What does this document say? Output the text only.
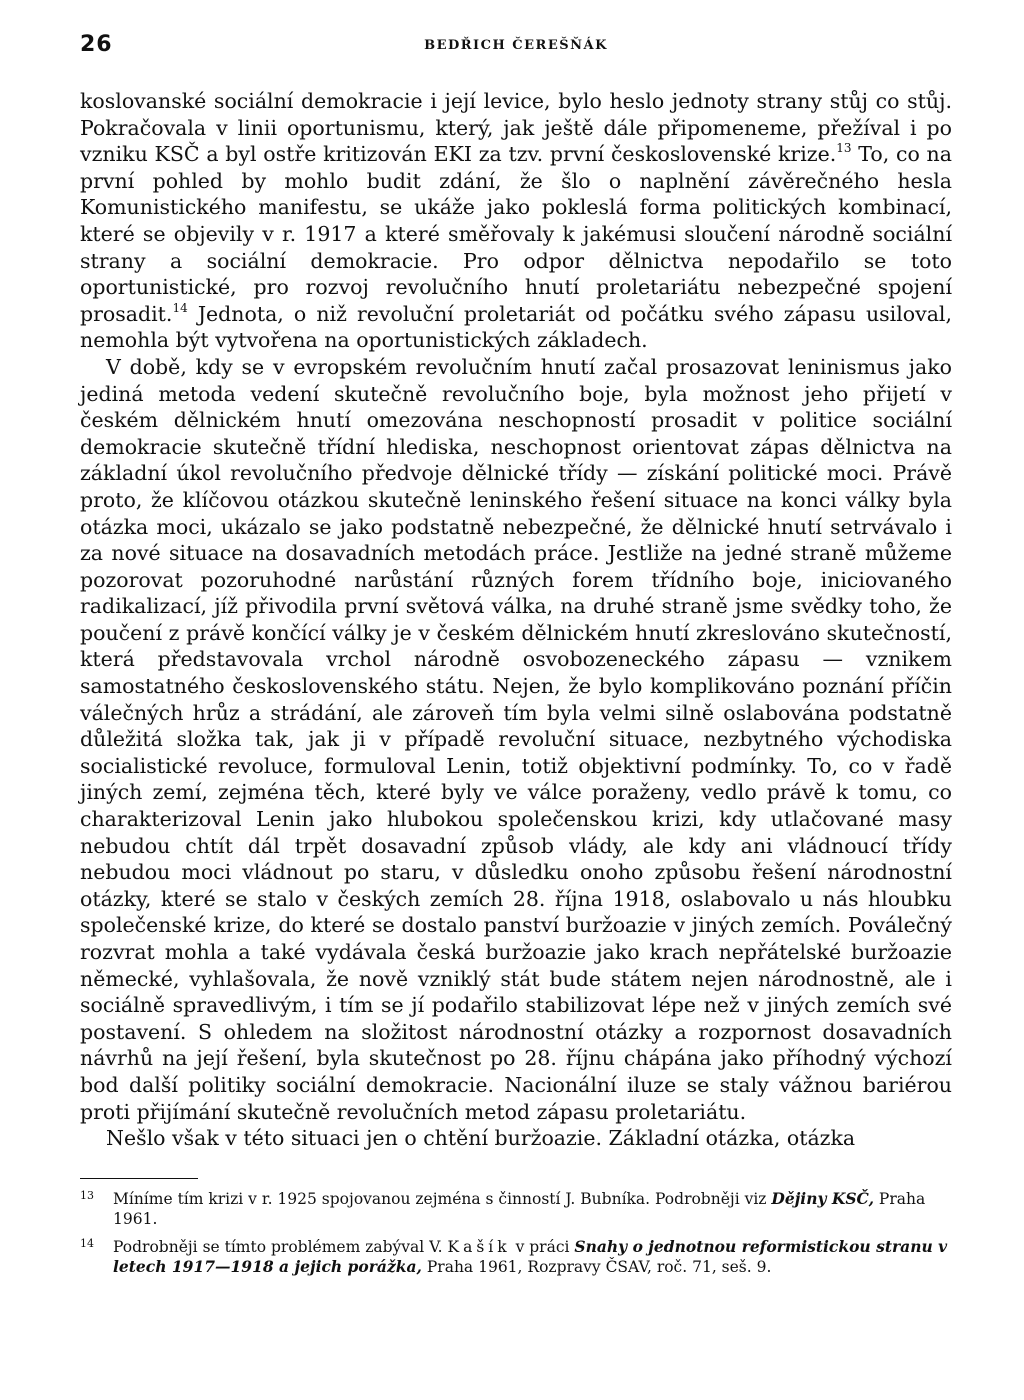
26	BEDŘICH ČEREŠŇÁK

koslovanské sociální demokracie i její levice, bylo heslo jednoty strany stůj co stůj. Pokračovala v linii oportunismu, který, jak ještě dále připomeneme, přežíval i po vzniku KSČ a byl ostře kritizován EKI za tzv. první československé krize.$^{13}$ To, co na první pohled by mohlo budit zdání, že šlo o naplnění závěrečného hesla Komunistického manifestu, se ukáže jako pokleslá forma politických kombinací, které se objevily v r. 1917 a které směřovaly k jakémusi sloučení národně sociální strany a sociální demokracie. Pro odpor dělnictva nepodařilo se toto oportunistické, pro rozvoj revolučního hnutí proletariátu nebezpečné spojení prosadit.$^{14}$ Jednota, o niž revoluční proletariát od počátku svého zápasu usiloval, nemohla být vytvořena na oportunistických základech.

V době, kdy se v evropském revolučním hnutí začal prosazovat leninismus jako jediná metoda vedení skutečně revolučního boje, byla možnost jeho přijetí v českém dělnickém hnutí omezována neschopností prosadit v politice sociální demokracie skutečně třídní hlediska, neschopnost orientovat zápas dělnictva na základní úkol revolučního předvoje dělnické třídy — získání politické moci. Právě proto, že klíčovou otázkou skutečně leninského řešení situace na konci války byla otázka moci, ukázalo se jako podstatně nebezpečné, že dělnické hnutí setrvávalo i za nové situace na dosavadních metodách práce. Jestliže na jedné straně můžeme pozorovat pozoruhodné narůstání různých forem třídního boje, iniciovaného radikalizací, jíž přivodila první světová válka, na druhé straně jsme svědky toho, že poučení z právě končící války je v českém dělnickém hnutí zkreslováno skutečností, která představovala vrchol národně osvobozeneckého zápasu — vznikem samostatného československého státu. Nejen, že bylo komplikováno poznání příčin válečných hrůz a strádání, ale zároveň tím byla velmi silně oslabována podstatně důležitá složka tak, jak ji v případě revoluční situace, nezbytného východiska socialistické revoluce, formuloval Lenin, totiž objektivní podmínky. To, co v řadě jiných zemí, zejména těch, které byly ve válce poraženy, vedlo právě k tomu, co charakterizoval Lenin jako hlubokou společenskou krizi, kdy utlačované masy nebudou chtít dál trpět dosavadní způsob vlády, ale kdy ani vládnoucí třídy nebudou moci vládnout po staru, v důsledku onoho způsobu řešení národnostní otázky, které se stalo v českých zemích 28. října 1918, oslabovalo u nás hloubku společenské krize, do které se dostalo panství buržoazie v jiných zemích. Poválečný rozvrat mohla a také vydávala česká buržoazie jako krach nepřátelské buržoazie německé, vyhlašovala, že nově vzniklý stát bude státem nejen národnostně, ale i sociálně spravedlivým, i tím se jí podařilo stabilizovat lépe než v jiných zemích své postavení. S ohledem na složitost národnostní otázky a rozpornost dosavadních návrhů na její řešení, byla skutečnost po 28. říjnu chápána jako příhodný výchozí bod další politiky sociální demokracie. Nacionální iluze se staly vážnou bariérou proti přijímání skutečně revolučních metod zápasu proletariátu.

Nešlo však v této situaci jen o chtění buržoazie. Základní otázka, otázka

13 Míníme tím krizi v r. 1925 spojovanou zejména s činností J. Bubníka. Podrobněji viz Dějiny KSČ, Praha 1961.
14 Podrobněji se tímto problémem zabýval V. Kašík v práci Snahy o jednotnou reformistickou stranu v letech 1917—1918 a jejich porážka, Praha 1961, Rozpravy ČSAV, roč. 71, seš. 9.
